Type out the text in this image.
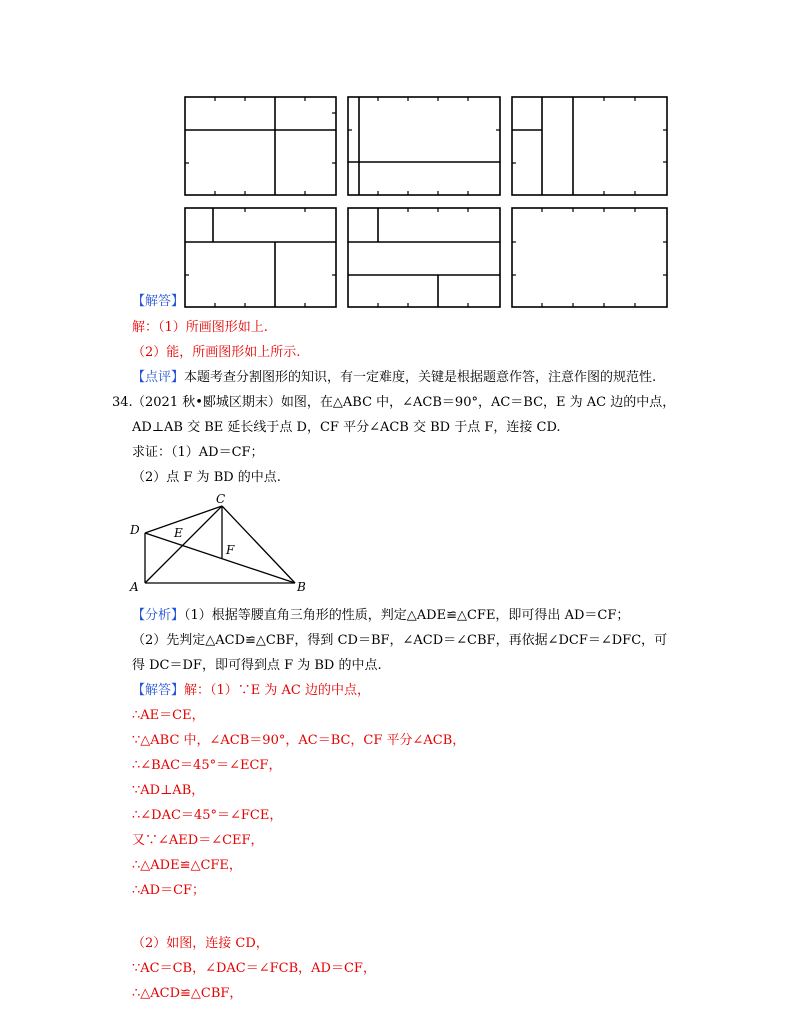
【解答】
解：（1）所画图形如上.
（2）能，所画图形如上所示.
【点评】本题考查分割图形的知识，有一定难度，关键是根据题意作答，注意作图的规范性.
34. （2021 秋•郾城区期末）如图，在△ABC 中，∠ACB＝90°，AC＝BC，E 为 AC 边的中点，
AD⊥AB 交 BE 延长线于点 D，CF 平分∠ACB 交 BD 于点 F，连接 CD.
求证：（1）AD＝CF；
（2）点 F 为 BD 的中点.
C
D	E
F
A	B
【分析】（1）根据等腰直角三角形的性质，判定△ADE≌△CFE，即可得出 AD＝CF；
（2）先判定△ACD≌△CBF，得到 CD＝BF，∠ACD＝∠CBF，再依据∠DCF＝∠DFC，可
得 DC＝DF，即可得到点 F 为 BD 的中点.
【解答】解：（1）∵E 为 AC 边的中点，
∴AE＝CE，
∵△ABC 中，∠ACB＝90°，AC＝BC，CF 平分∠ACB，
∴∠BAC＝45°＝∠ECF，
∵AD⊥AB，
∴∠DAC＝45°＝∠FCE，
又∵∠AED＝∠CEF，
∴△ADE≌△CFE，
∴AD＝CF；
（2）如图，连接 CD，
∵AC＝CB，∠DAC＝∠FCB，AD＝CF，
∴△ACD≌△CBF，
